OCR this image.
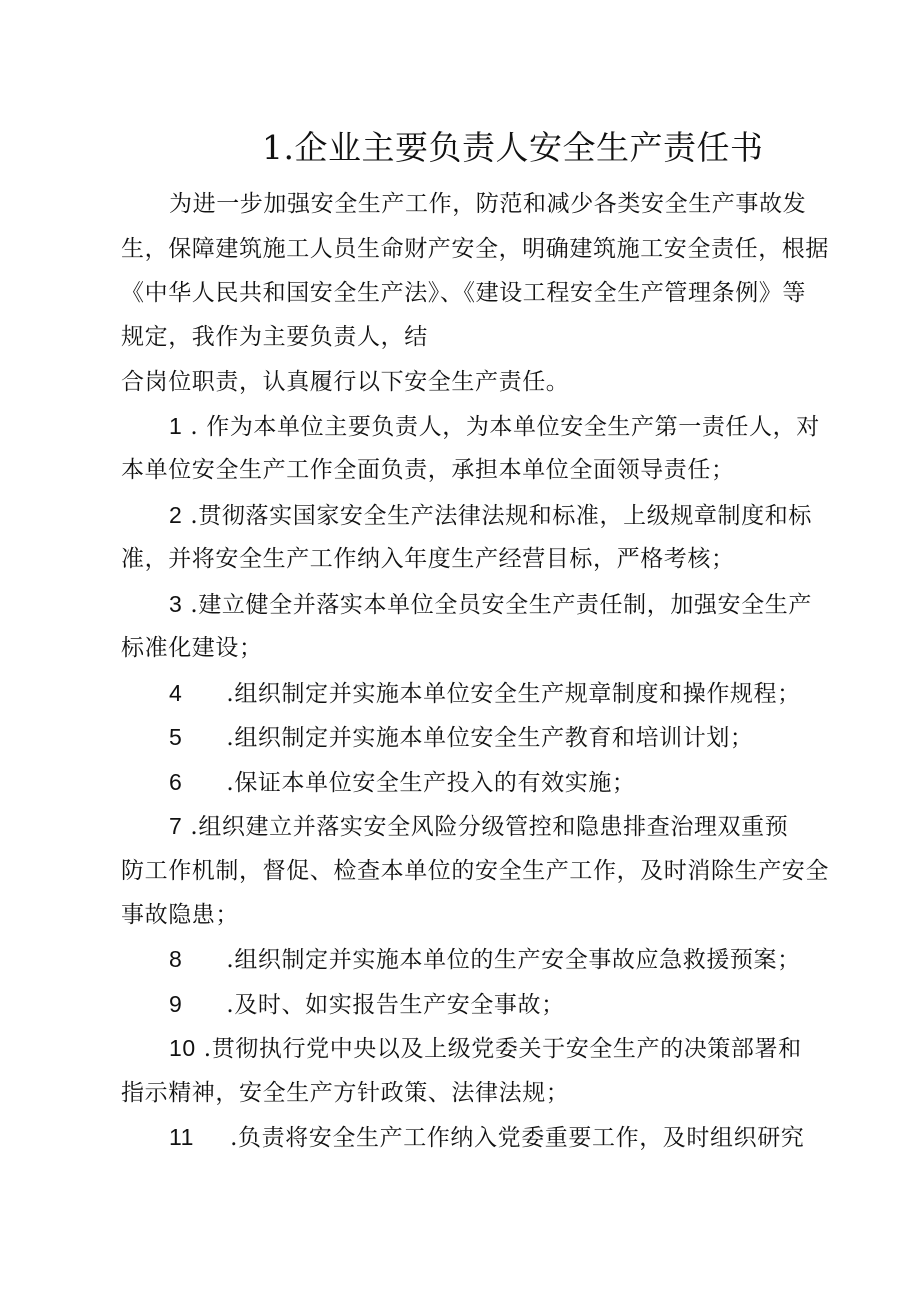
1.企业主要负责人安全生产责任书
为进一步加强安全生产工作，防范和减少各类安全生产事故发
生，保障建筑施工人员生命财产安全，明确建筑施工安全责任，根据
《中华人民共和国安全生产法》、《建设工程安全生产管理条例》等
规定，我作为主要负责人，结
合岗位职责，认真履行以下安全生产责任。
1 . 作为本单位主要负责人，为本单位安全生产第一责任人，对
本单位安全生产工作全面负责，承担本单位全面领导责任；
2 .贯彻落实国家安全生产法律法规和标准，上级规章制度和标
准，并将安全生产工作纳入年度生产经营目标，严格考核；
3 .建立健全并落实本单位全员安全生产责任制，加强安全生产
标准化建设；
4 .组织制定并实施本单位安全生产规章制度和操作规程；
5 .组织制定并实施本单位安全生产教育和培训计划；
6 .保证本单位安全生产投入的有效实施；
7 .组织建立并落实安全风险分级管控和隐患排查治理双重预
防工作机制，督促、检查本单位的安全生产工作，及时消除生产安全
事故隐患；
8 .组织制定并实施本单位的生产安全事故应急救援预案；
9 .及时、如实报告生产安全事故；
10 .贯彻执行党中央以及上级党委关于安全生产的决策部署和
指示精神，安全生产方针政策、法律法规；
11 .负责将安全生产工作纳入党委重要工作，及时组织研究
